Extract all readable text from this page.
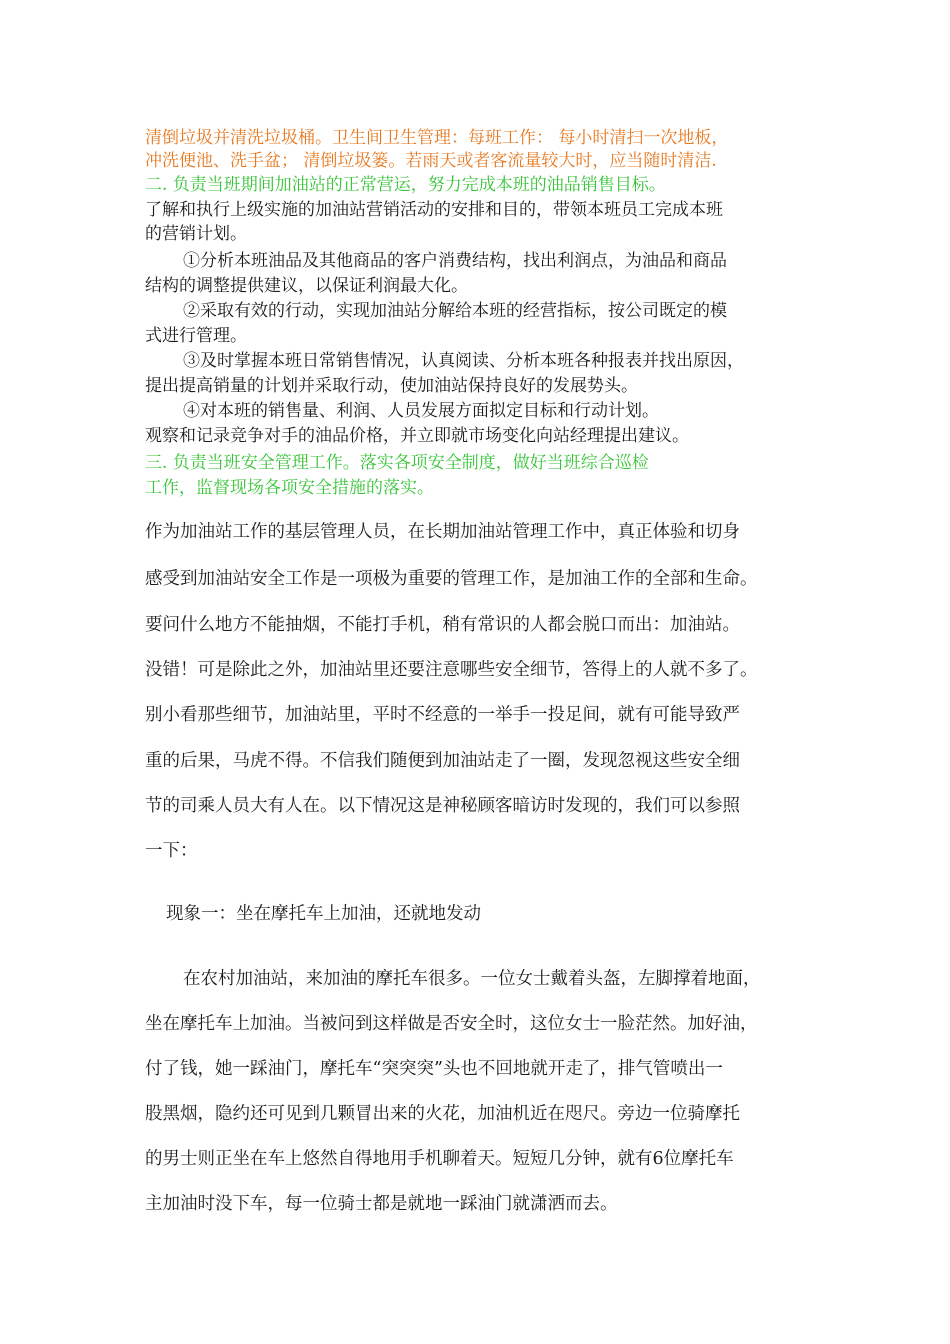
清倒垃圾并清洗垃圾桶。卫生间卫生管理：每班工作： 每小时清扫一次地板，
冲洗便池、洗手盆； 清倒垃圾篓。若雨天或者客流量较大时，应当随时清洁.
二. 负责当班期间加油站的正常营运，努力完成本班的油品销售目标。
了解和执行上级实施的加油站营销活动的安排和目的，带领本班员工完成本班
的营销计划。
①分析本班油品及其他商品的客户消费结构，找出利润点，为油品和商品
结构的调整提供建议，以保证利润最大化。
②采取有效的行动，实现加油站分解给本班的经营指标，按公司既定的模
式进行管理。
③及时掌握本班日常销售情况，认真阅读、分析本班各种报表并找出原因，
提出提高销量的计划并采取行动，使加油站保持良好的发展势头。
④对本班的销售量、利润、人员发展方面拟定目标和行动计划。
观察和记录竞争对手的油品价格，并立即就市场变化向站经理提出建议。
三. 负责当班安全管理工作。落实各项安全制度，做好当班综合巡检
工作，监督现场各项安全措施的落实。
作为加油站工作的基层管理人员，在长期加油站管理工作中，真正体验和切身
感受到加油站安全工作是一项极为重要的管理工作，是加油工作的全部和生命。
要问什么地方不能抽烟，不能打手机，稍有常识的人都会脱口而出：加油站。
没错！可是除此之外，加油站里还要注意哪些安全细节，答得上的人就不多了。
别小看那些细节，加油站里，平时不经意的一举手一投足间，就有可能导致严
重的后果，马虎不得。不信我们随便到加油站走了一圈，发现忽视这些安全细
节的司乘人员大有人在。以下情况这是神秘顾客暗访时发现的，我们可以参照
一下：
现象一：坐在摩托车上加油，还就地发动
在农村加油站，来加油的摩托车很多。一位女士戴着头盔，左脚撑着地面，
坐在摩托车上加油。当被问到这样做是否安全时，这位女士一脸茫然。加好油，
付了钱，她一踩油门，摩托车“突突突”头也不回地就开走了，排气管喷出一
股黑烟，隐约还可见到几颗冒出来的火花，加油机近在咫尺。旁边一位骑摩托
的男士则正坐在车上悠然自得地用手机聊着天。短短几分钟，就有6位摩托车
主加油时没下车，每一位骑士都是就地一踩油门就潇洒而去。
